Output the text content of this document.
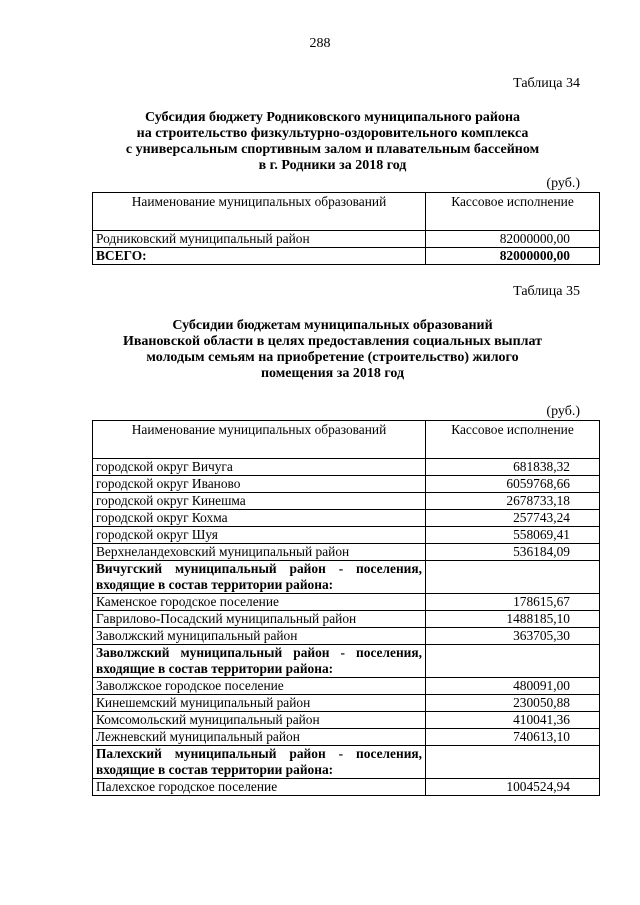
288
Таблица 34
Субсидия бюджету Родниковского муниципального района
на строительство физкультурно-оздоровительного комплекса
с универсальным спортивным залом и плавательным бассейном
в г. Родники за 2018 год
(руб.)
Наименование муниципальных образований	Кассовое исполнение
Родниковский муниципальный район	82000000,00
ВСЕГО:	82000000,00
Таблица 35
Субсидии бюджетам муниципальных образований
Ивановской области в целях предоставления социальных выплат
молодым семьям на приобретение (строительство) жилого
помещения за 2018 год
(руб.)
Наименование муниципальных образований	Кассовое исполнение
городской округ Вичуга	681838,32
городской округ Иваново	6059768,66
городской округ Кинешма	2678733,18
городской округ Кохма	257743,24
городской округ Шуя	558069,41
Верхнеландеховский муниципальный район	536184,09
Вичугский муниципальный район - поселения, входящие в состав территории района:	
Каменское городское поселение	178615,67
Гаврилово-Посадский муниципальный район	1488185,10
Заволжский муниципальный район	363705,30
Заволжский муниципальный район - поселения, входящие в состав территории района:	
Заволжское городское поселение	480091,00
Кинешемский муниципальный район	230050,88
Комсомольский муниципальный район	410041,36
Лежневский муниципальный район	740613,10
Палехский муниципальный район - поселения, входящие в состав территории района:	
Палехское городское поселение	1004524,94
